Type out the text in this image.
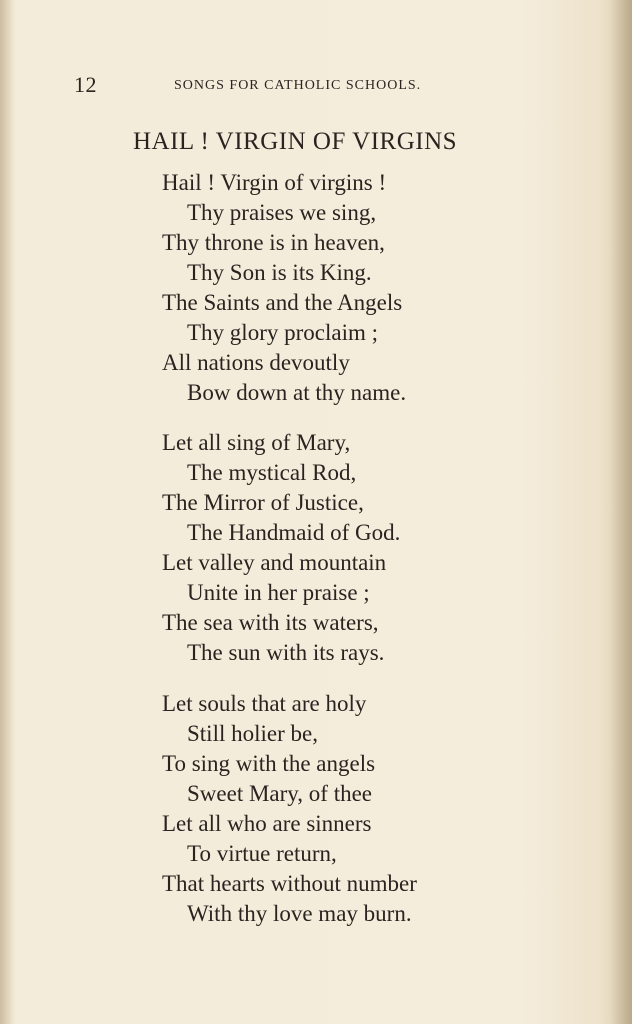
12	SONGS FOR CATHOLIC SCHOOLS.
HAIL ! VIRGIN OF VIRGINS
Hail ! Virgin of virgins !
Thy praises we sing,
Thy throne is in heaven,
Thy Son is its King.
The Saints and the Angels
Thy glory proclaim ;
All nations devoutly
Bow down at thy name.
Let all sing of Mary,
The mystical Rod,
The Mirror of Justice,
The Handmaid of God.
Let valley and mountain
Unite in her praise ;
The sea with its waters,
The sun with its rays.
Let souls that are holy
Still holier be,
To sing with the angels
Sweet Mary, of thee
Let all who are sinners
To virtue return,
That hearts without number
With thy love may burn.
